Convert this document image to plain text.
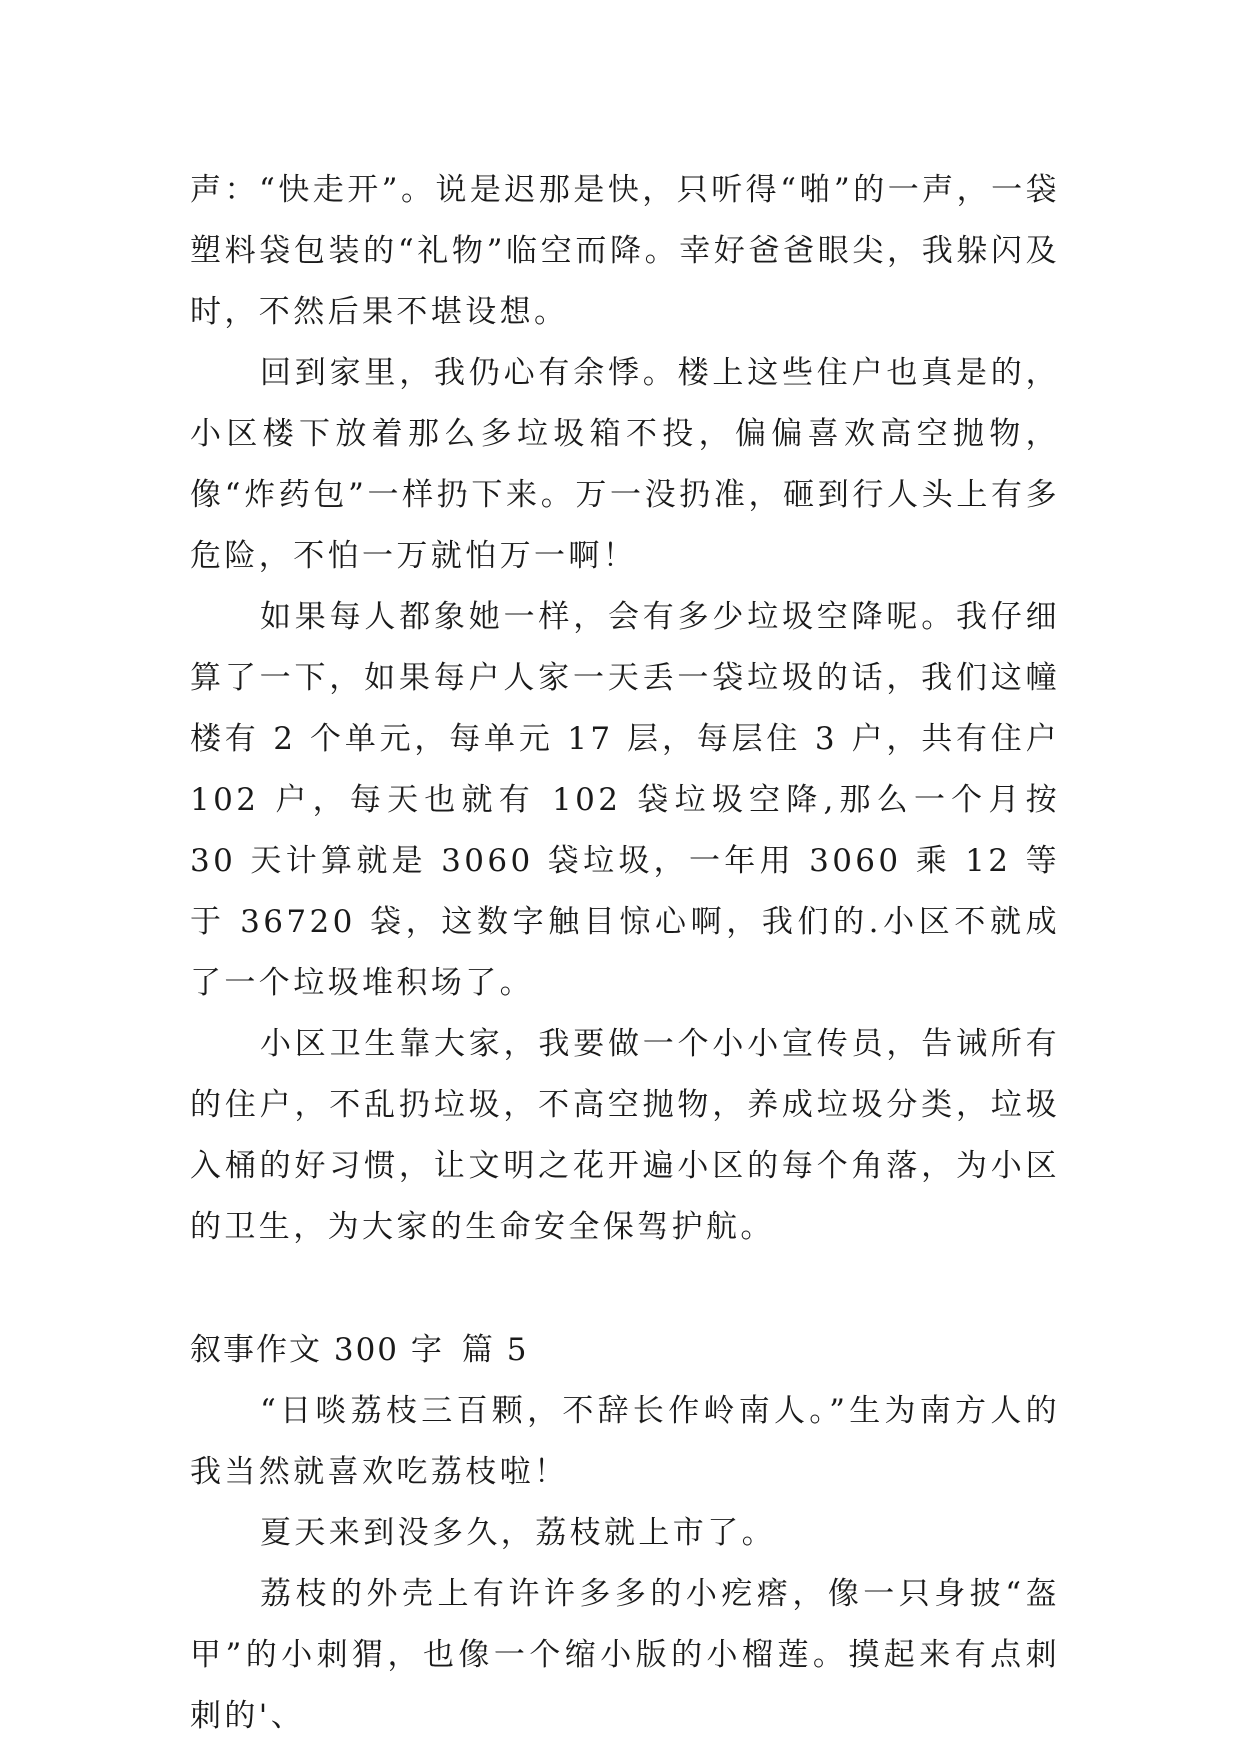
声：“快走开”。说是迟那是快，只听得“啪”的一声，一袋塑料袋包装的“礼物”临空而降。幸好爸爸眼尖，我躲闪及时，不然后果不堪设想。

回到家里，我仍心有余悸。楼上这些住户也真是的，小区楼下放着那么多垃圾箱不投，偏偏喜欢高空抛物，像“炸药包”一样扔下来。万一没扔准，砸到行人头上有多危险，不怕一万就怕万一啊！

如果每人都象她一样，会有多少垃圾空降呢。我仔细算了一下，如果每户人家一天丢一袋垃圾的话，我们这幢楼有 2 个单元，每单元 17 层，每层住 3 户，共有住户 102 户，每天也就有 102 袋垃圾空降,那么一个月按 30 天计算就是 3060 袋垃圾，一年用 3060 乘 12 等于 36720 袋，这数字触目惊心啊，我们的.小区不就成了一个垃圾堆积场了。

小区卫生靠大家，我要做一个小小宣传员，告诫所有的住户，不乱扔垃圾，不高空抛物，养成垃圾分类，垃圾入桶的好习惯，让文明之花开遍小区的每个角落，为小区的卫生，为大家的生命安全保驾护航。

叙事作文 300 字 篇 5

“日啖荔枝三百颗，不辞长作岭南人。”生为南方人的我当然就喜欢吃荔枝啦！

夏天来到没多久，荔枝就上市了。

荔枝的外壳上有许许多多的小疙瘩，像一只身披“盔甲”的小刺猬，也像一个缩小版的小榴莲。摸起来有点刺刺的'、
